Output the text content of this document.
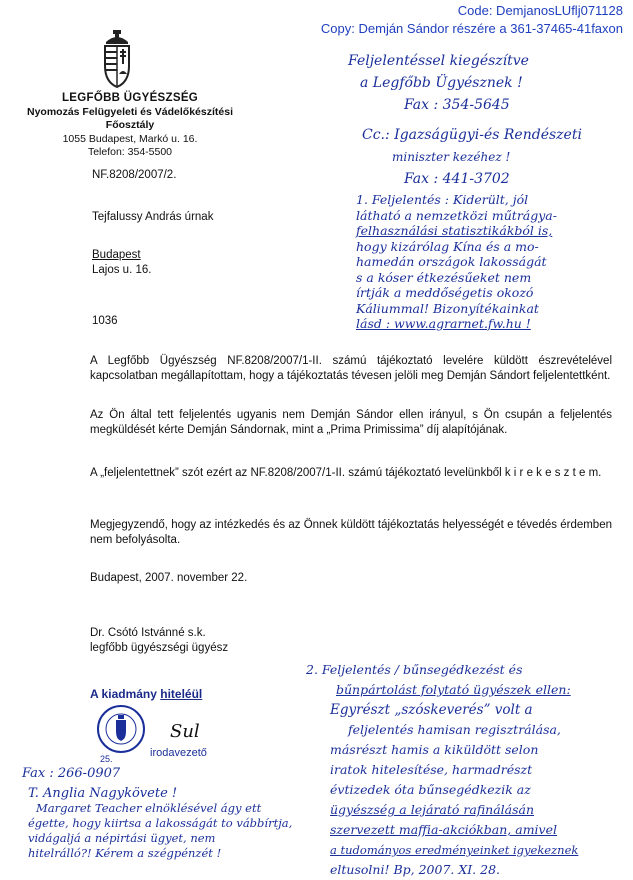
Code: DemjanosLUflj071128
Copy: Demján Sándor részére a 361-37465-41faxon
LEGFŐBB ÜGYÉSZSÉG
Nyomozás Felügyeleti és Vádelőkészítési
Főosztály
1055 Budapest, Markó u. 16.
Telefon: 354-5500
NF.8208/2007/2.
Tejfalussy András úrnak
Budapest
Lajos u. 16.
1036
Feljelentéssel kiegészítve
a Legfőbb Ügyésznek !
Fax : 354-5645
Cc.: Igazságügyi-és Rendészeti
miniszter kezéhez !
Fax : 441-3702
1. Feljelentés : Kiderült, jól
látható a nemzetközi műtrágya-
felhasználási statisztikákból is,
hogy kizárólag Kína és a mo-
hamedán országok lakosságát
s a kóser étkezésűeket nem
írtják a meddőségetis okozó
Káliummal! Bizonyítékainkat
lásd : www.agrarnet.fw.hu !
A Legfőbb Ügyészség NF.8208/2007/1-II. számú tájékoztató levelére küldött észrevételével kapcsolatban megállapítottam, hogy a tájékoztatás tévesen jelöli meg Demján Sándort feljelentettként.
Az Ön által tett feljelentés ugyanis nem Demján Sándor ellen irányul, s Ön csupán a feljelentés megküldését kérte Demján Sándornak, mint a „Prima Primissima” díj alapítójának.
A „feljelentettnek” szót ezért az NF.8208/2007/1-II. számú tájékoztató levelünkből k i r e k e s z t e m.
Megjegyzendő, hogy az intézkedés és az Önnek küldött tájékoztatás helyességét e tévedés érdemben nem befolyásolta.
Budapest, 2007. november 22.
Dr. Csótó Istvánné s.k.
legfőbb ügyészségi ügyész
A kiadmány hiteléül
25.
Sul
irodavezető
2. Feljelentés / bűnsegédkezést és
bűnpártolást folytató ügyészek ellen:
Egyrészt „szóskeverés” volt a
feljelentés hamisan regisztrálása,
másrészt hamis a kiküldött selon
iratok hitelesítése, harmadrészt
évtizedek óta bűnsegédkezik az
ügyészség a lejárató rafinálásán
szervezett maffia-akciókban, amivel
a tudományos eredményeinket igyekeznek
eltusolni! Bp, 2007. XI. 28.
Fax : 266-0907
T. Anglia Nagykövete !
Margaret Teacher elnöklésével ágy ett
égette, hogy kiirtsa a lakosságát to vábbírtja,
vidágaljá a népirtási ügyet, nem
hitelrálló?! Kérem a szégpénzét !
